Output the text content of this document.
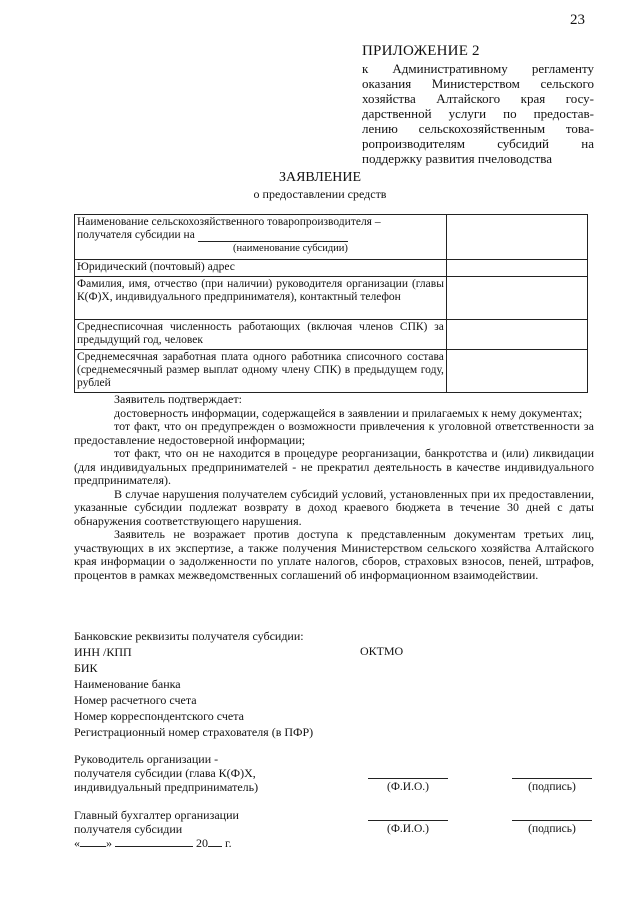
23
ПРИЛОЖЕНИЕ 2
к Административному регламенту
оказания Министерством сельского
хозяйства Алтайского края госу-
дарственной услуги по предостав-
лению сельскохозяйственным това-
ропроизводителям субсидий на
поддержку развития пчеловодства
ЗАЯВЛЕНИЕ
о предоставлении средств
Наименование сельскохозяйственного товаропроизводителя –
получателя субсидии на
(наименование субсидии)	

Юридический (почтовый) адрес	
Фамилия, имя, отчество (при наличии) руководителя организации (главы К(Ф)Х, индивидуального предпринимателя), контактный телефон	
Среднесписочная численность работающих (включая членов СПК) за предыдущий год, человек	
Среднемесячная заработная плата одного работника списочного состава (среднемесячный размер выплат одному члену СПК) в предыдущем году, рублей	

Заявитель подтверждает:

достоверность информации, содержащейся в заявлении и прилагаемых к нему документах;

тот факт, что он предупрежден о возможности привлечения к уголовной ответственности за предоставление недостоверной информации;

тот факт, что он не находится в процедуре реорганизации, банкротства и (или) ликвидации (для индивидуальных предпринимателей - не прекратил деятельность в качестве индивидуального предпринимателя).

В случае нарушения получателем субсидий условий, установленных при их предоставлении, указанные субсидии подлежат возврату в доход краевого бюджета в течение 30 дней с даты обнаружения соответствующего нарушения.

Заявитель не возражает против доступа к представленным документам третьих лиц, участвующих в их экспертизе, а также получения Министерством сельского хозяйства Алтайского края информации о задолженности по уплате налогов, сборов, страховых взносов, пеней, штрафов, процентов в рамках межведомственных соглашений об информационном взаимодействии.

Банковские реквизиты получателя субсидии:
ИНН /КПП
БИК
Наименование банка
Номер расчетного счета
Номер корреспондентского счета
Регистрационный номер страхователя (в ПФР)
ОКТМО
Руководитель организации -
получателя субсидии (глава К(Ф)Х,
индивидуальный предприниматель)	(Ф.И.О.)	(подпись)
Главный бухгалтер организации
получателя субсидии
« »	20 г.
(Ф.И.О.)	(подпись)
